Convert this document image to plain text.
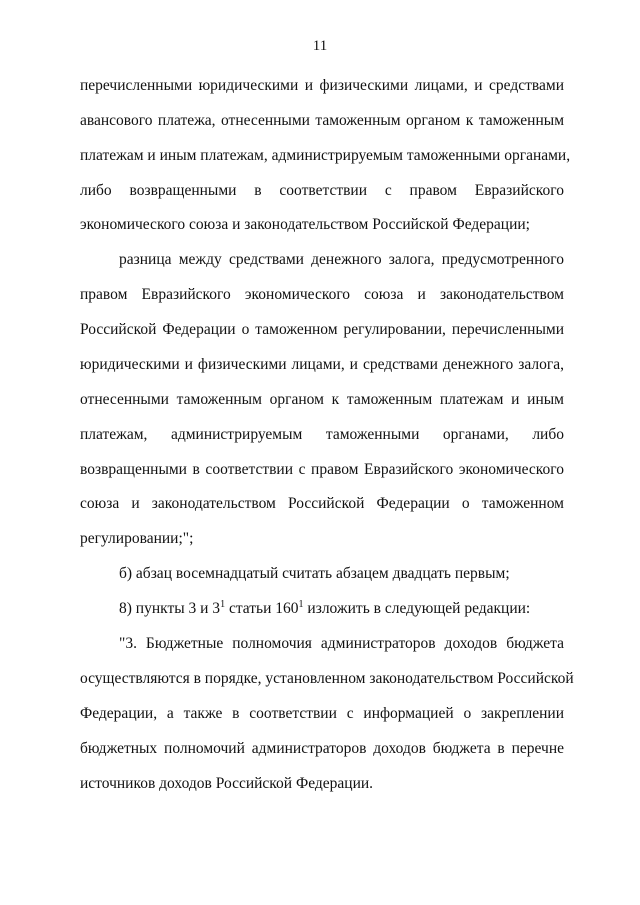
11
перечисленными юридическими и физическими лицами, и средствами
авансового платежа, отнесенными таможенным органом к таможенным
платежам и иным платежам, администрируемым таможенными органами,
либо возвращенными в соответствии с правом Евразийского
экономического союза и законодательством Российской Федерации;
разница между средствами денежного залога, предусмотренного
правом Евразийского экономического союза и законодательством
Российской Федерации о таможенном регулировании, перечисленными
юридическими и физическими лицами, и средствами денежного залога,
отнесенными таможенным органом к таможенным платежам и иным
платежам, администрируемым таможенными органами, либо
возвращенными в соответствии с правом Евразийского экономического
союза и законодательством Российской Федерации о таможенном
регулировании;";
б) абзац восемнадцатый считать абзацем двадцать первым;
8) пункты 3 и $3^1$ статьи $160^1$ изложить в следующей редакции:
"3. Бюджетные полномочия администраторов доходов бюджета
осуществляются в порядке, установленном законодательством Российской
Федерации, а также в соответствии с информацией о закреплении
бюджетных полномочий администраторов доходов бюджета в перечне
источников доходов Российской Федерации.
